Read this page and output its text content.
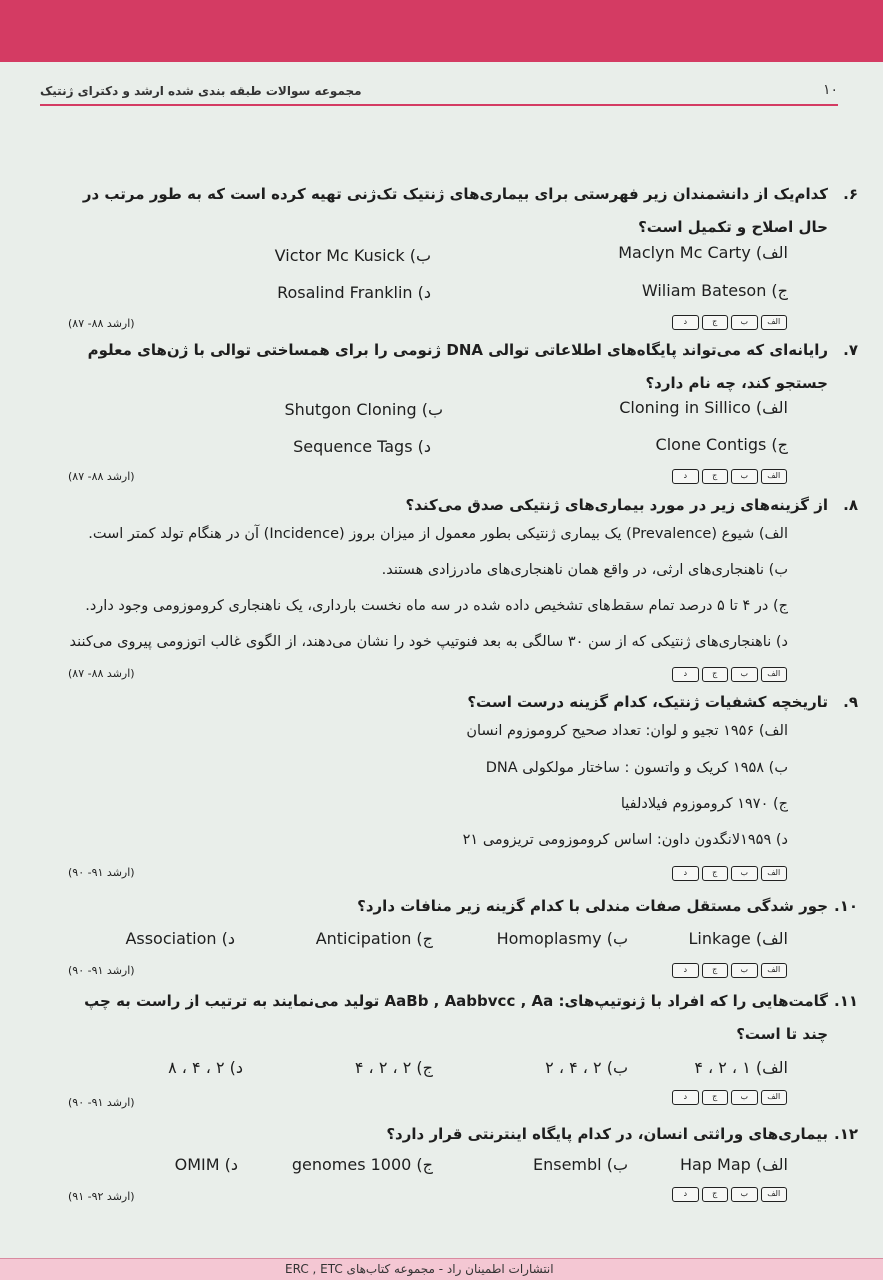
۱۰
مجموعه سوالات طبقه بندی شده ارشد و دکترای ژنتیک
۶.
کدام‌یک از دانشمندان زیر فهرستی برای بیماری‌های ژنتیک تک‌ژنی تهیه کرده است که به طور مرتب در حال اصلاح و تکمیل است؟
الف) Maclyn Mc Carty
ب) Victor Mc Kusick
ج) Wiliam Bateson
د) Rosalind Franklin
(ارشد ۸۸- ۸۷)	الف
ب
ج
د
۷.
رایانه‌ای که می‌تواند پایگاه‌های اطلاعاتی توالی DNA ژنومی را برای همساختی توالی با ژن‌های معلوم جستجو کند، چه نام دارد؟
الف) Cloning in Sillico
ب) Shutgon Cloning
ج) Clone Contigs
د) Sequence Tags
(ارشد ۸۸- ۸۷)	الف
ب
ج
د
۸.
از گزینه‌های زیر در مورد بیماری‌های ژنتیکی صدق می‌کند؟
الف) شیوع (Prevalence) یک بیماری ژنتیکی بطور معمول از میزان بروز (Incidence) آن در هنگام تولد کمتر است.
ب) ناهنجاری‌های ارثی، در واقع همان ناهنجاری‌های مادرزادی هستند.
ج) در ۴ تا ۵ درصد تمام سقط‌های تشخیص داده شده در سه ماه نخست بارداری، یک ناهنجاری کروموزومی وجود دارد.
د) ناهنجاری‌های ژنتیکی که از سن ۳۰ سالگی به بعد فنوتیپ خود را نشان می‌دهند، از الگوی غالب اتوزومی پیروی می‌کنند
(ارشد ۸۸- ۸۷)	الف
ب
ج
د
۹.
تاریخچه کشفیات ژنتیک، کدام گزینه درست است؟
الف) ۱۹۵۶ تجیو و لوان: تعداد صحیح کروموزوم انسان
ب) ۱۹۵۸ کریک و واتسون : ساختار مولکولی DNA
ج) ۱۹۷۰ کروموزوم فیلادلفیا
د) ۱۹۵۹لانگدون داون: اساس کروموزومی تریزومی ۲۱
(ارشد ۹۱- ۹۰)	الف
ب
ج
د
۱۰.
جور شدگی مستقل صفات مندلی با کدام گزینه زیر منافات دارد؟
الف) Linkage
ب) Homoplasmy
ج) Anticipation
د) Association
(ارشد ۹۱- ۹۰)	الف
ب
ج
د
۱۱.
گامت‌هایی را که افراد با ژنوتیپ‌های: AaBb , Aabbvcc , Aa تولید می‌نمایند به ترتیب از راست به چپ چند تا است؟
الف) ۱ ، ۲ ، ۴
ب) ۲ ، ۴ ، ۲
ج) ۲ ، ۲ ، ۴
د) ۲ ، ۴ ، ۸
(ارشد ۹۱- ۹۰)	الف
ب
ج
د
۱۲.
بیماری‌های وراثتی انسان، در کدام پایگاه اینترنتی قرار دارد؟
الف) Hap Map
ب) Ensembl
ج) 1000 genomes
د) OMIM
(ارشد ۹۲- ۹۱)	الف
ب
ج
د
انتشارات اطمینان راد - مجموعه کتاب‌های ERC , ETC
